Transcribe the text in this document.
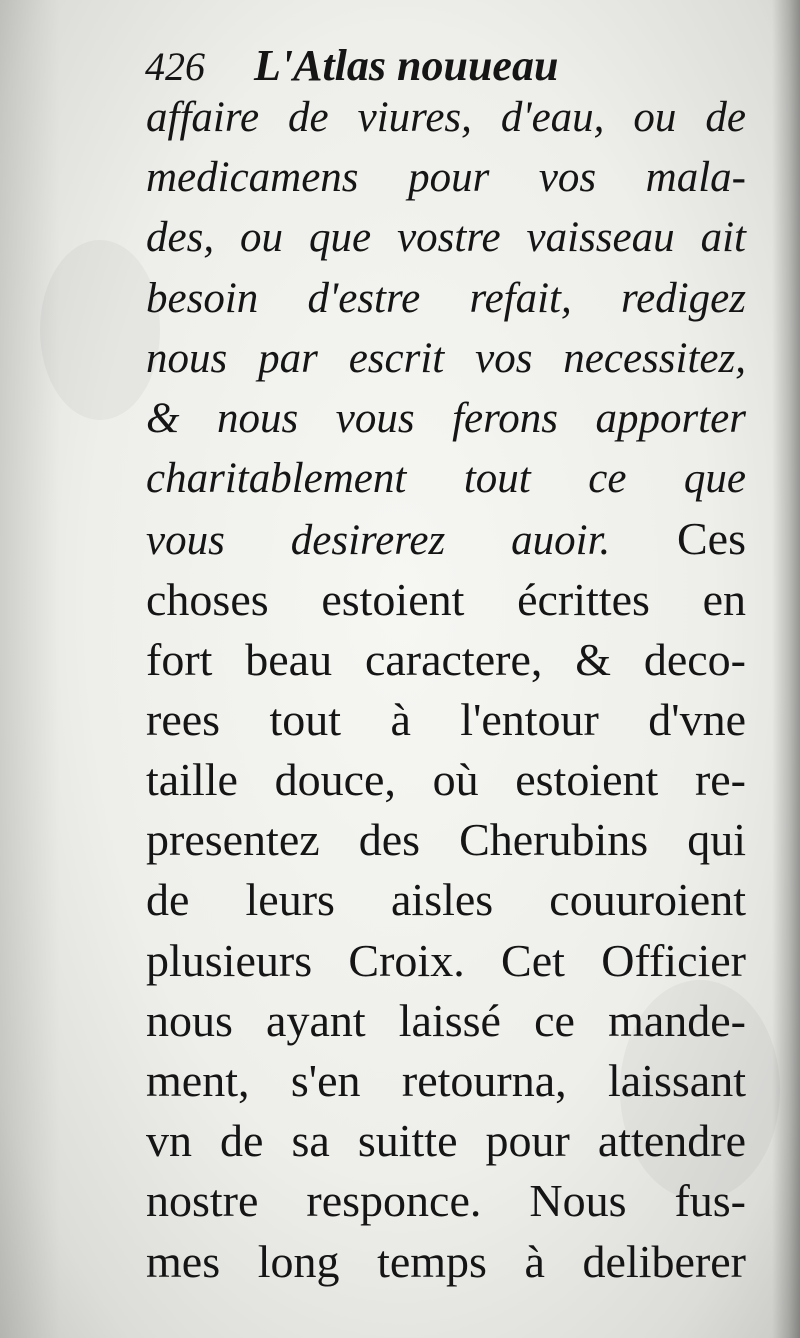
426 L'Atlas nouueau
affaire de viures, d'eau, ou de
medicamens pour vos mala-
des, ou que vostre vaisseau ait
besoin d'estre refait, redigez
nous par escrit vos necessitez,
& nous vous ferons apporter
charitablement tout ce que
vous desirerez auoir. Ces
choses estoient écrittes en
fort beau caractere, & deco-
rees tout à l'entour d'vne
taille douce, où estoient re-
presentez des Cherubins qui
de leurs aisles couuroient
plusieurs Croix. Cet Officier
nous ayant laissé ce mande-
ment, s'en retourna, laissant
vn de sa suitte pour attendre
nostre responce. Nous fus-
mes long temps à deliberer
